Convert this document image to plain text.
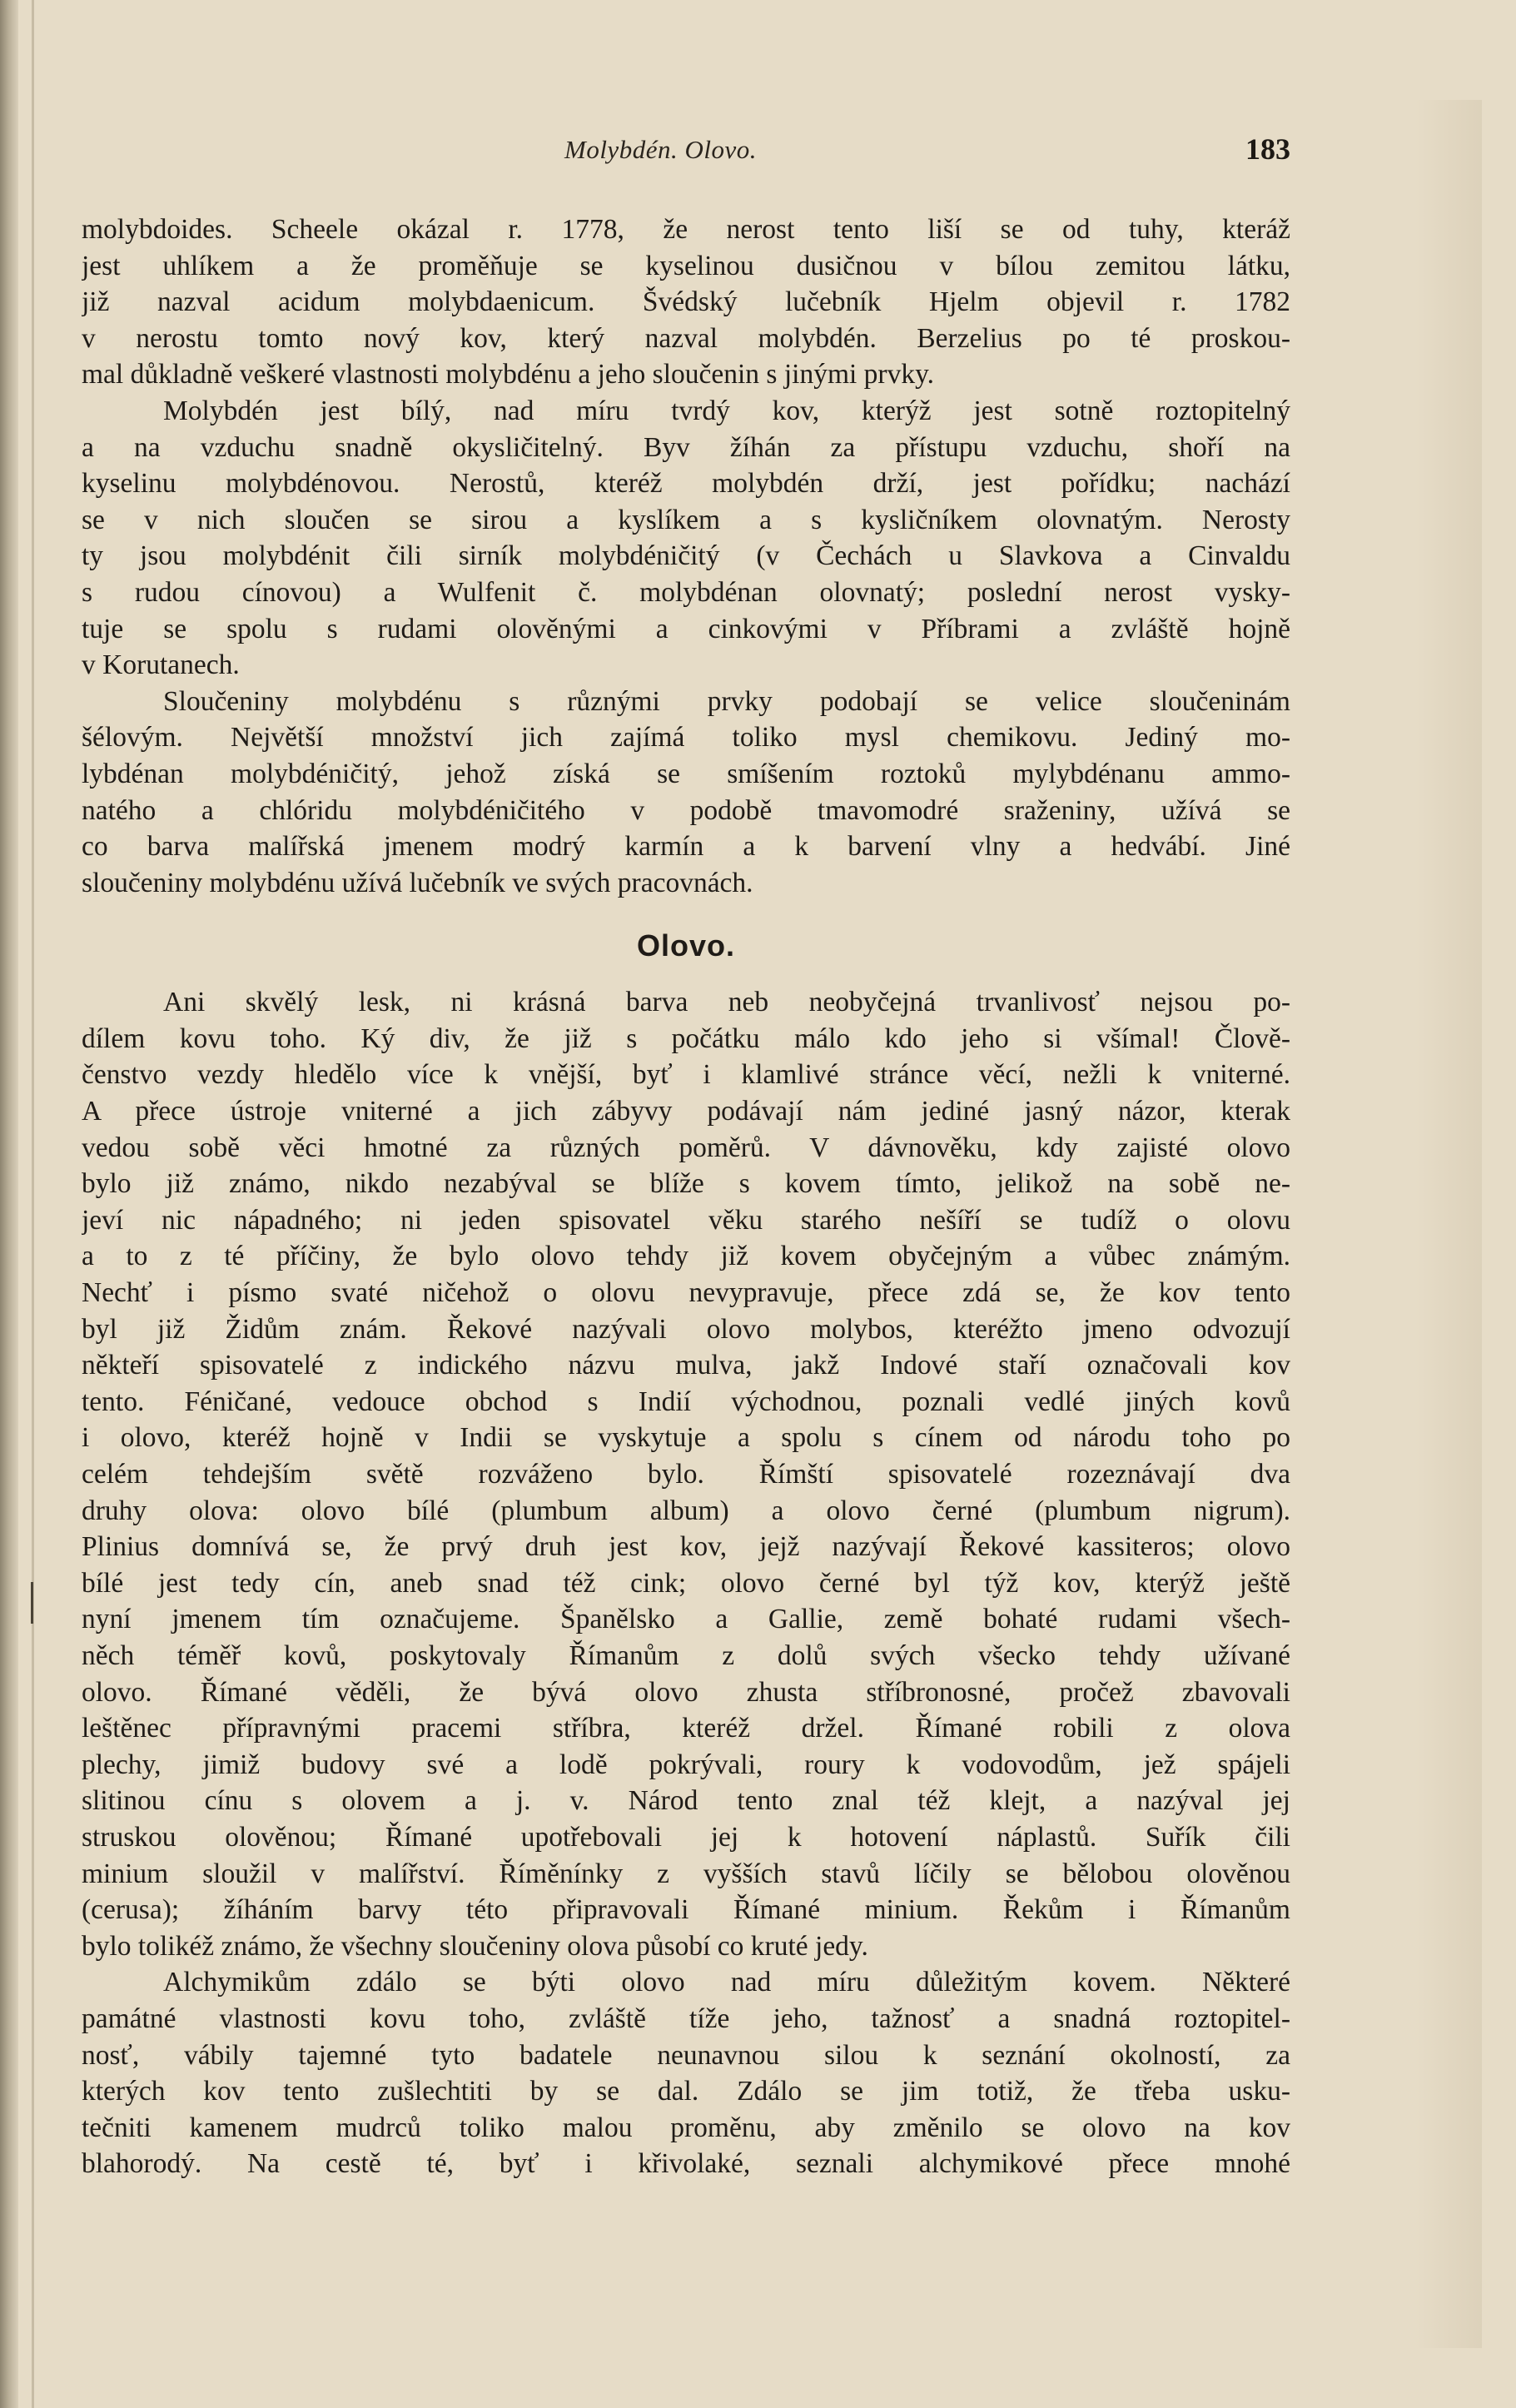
Molybdén. Olovo.	183
molybdoides. Scheele okázal r. 1778, že nerost tento liší se od tuhy, kteráž
jest uhlíkem a že proměňuje se kyselinou dusičnou v bílou zemitou látku,
již nazval acidum molybdaenicum. Švédský lučebník Hjelm objevil r. 1782
v nerostu tomto nový kov, který nazval molybdén. Berzelius po té proskou-
mal důkladně veškeré vlastnosti molybdénu a jeho sloučenin s jinými prvky.
Molybdén jest bílý, nad míru tvrdý kov, kterýž jest sotně roztopitelný
a na vzduchu snadně okysličitelný. Byv žíhán za přístupu vzduchu, shoří na
kyselinu molybdénovou. Nerostů, kteréž molybdén drží, jest pořídku; nachází
se v nich sloučen se sirou a kyslíkem a s kysličníkem olovnatým. Nerosty
ty jsou molybdénit čili sirník molybdéničitý (v Čechách u Slavkova a Cinvaldu
s rudou cínovou) a Wulfenit č. molybdénan olovnatý; poslední nerost vysky-
tuje se spolu s rudami olověnými a cinkovými v Příbrami a zvláště hojně
v Korutanech.
Sloučeniny molybdénu s různými prvky podobají se velice sloučeninám
šélovým. Největší množství jich zajímá toliko mysl chemikovu. Jediný mo-
lybdénan molybdéničitý, jehož získá se smíšením roztoků mylybdénanu ammo-
natého a chlóridu molybdéničitého v podobě tmavomodré sraženiny, užívá se
co barva malířská jmenem modrý karmín a k barvení vlny a hedvábí. Jiné
sloučeniny molybdénu užívá lučebník ve svých pracovnách.
Olovo.
Ani skvělý lesk, ni krásná barva neb neobyčejná trvanlivosť nejsou po-
dílem kovu toho. Ký div, že již s počátku málo kdo jeho si všímal! Člově-
čenstvo vezdy hledělo více k vnější, byť i klamlivé stránce věcí, nežli k vniterné.
A přece ústroje vniterné a jich zábyvy podávají nám jediné jasný názor, kterak
vedou sobě věci hmotné za různých poměrů. V dávnověku, kdy zajisté olovo
bylo již známo, nikdo nezabýval se blíže s kovem tímto, jelikož na sobě ne-
jeví nic nápadného; ni jeden spisovatel věku starého nešíří se tudíž o olovu
a to z té příčiny, že bylo olovo tehdy již kovem obyčejným a vůbec známým.
Nechť i písmo svaté ničehož o olovu nevypravuje, přece zdá se, že kov tento
byl již Židům znám. Řekové nazývali olovo molybos, kteréžto jmeno odvozují
někteří spisovatelé z indického názvu mulva, jakž Indové staří označovali kov
tento. Féničané, vedouce obchod s Indií východnou, poznali vedlé jiných kovů
i olovo, kteréž hojně v Indii se vyskytuje a spolu s cínem od národu toho po
celém tehdejším světě rozváženo bylo. Římští spisovatelé rozeznávají dva
druhy olova: olovo bílé (plumbum album) a olovo černé (plumbum nigrum).
Plinius domnívá se, že prvý druh jest kov, jejž nazývají Řekové kassiteros; olovo
bílé jest tedy cín, aneb snad též cink; olovo černé byl týž kov, kterýž ještě
nyní jmenem tím označujeme. Španělsko a Gallie, země bohaté rudami všech-
něch téměř kovů, poskytovaly Římanům z dolů svých všecko tehdy užívané
olovo. Římané věděli, že bývá olovo zhusta stříbronosné, pročež zbavovali
leštěnec přípravnými pracemi stříbra, kteréž držel. Římané robili z olova
plechy, jimiž budovy své a lodě pokrývali, roury k vodovodům, jež spájeli
slitinou cínu s olovem a j. v. Národ tento znal též klejt, a nazýval jej
struskou olověnou; Římané upotřebovali jej k hotovení náplastů. Suřík čili
minium sloužil v malířství. Říměnínky z vyšších stavů líčily se bělobou olověnou
(cerusa); žíháním barvy této připravovali Římané minium. Řekům i Římanům
bylo tolikéž známo, že všechny sloučeniny olova působí co kruté jedy.
Alchymikům zdálo se býti olovo nad míru důležitým kovem. Některé
památné vlastnosti kovu toho, zvláště tíže jeho, tažnosť a snadná roztopitel-
nosť, vábily tajemné tyto badatele neunavnou silou k seznání okolností, za
kterých kov tento zušlechtiti by se dal. Zdálo se jim totiž, že třeba usku-
tečniti kamenem mudrců toliko malou proměnu, aby změnilo se olovo na kov
blahorodý. Na cestě té, byť i křivolaké, seznali alchymikové přece mnohé
